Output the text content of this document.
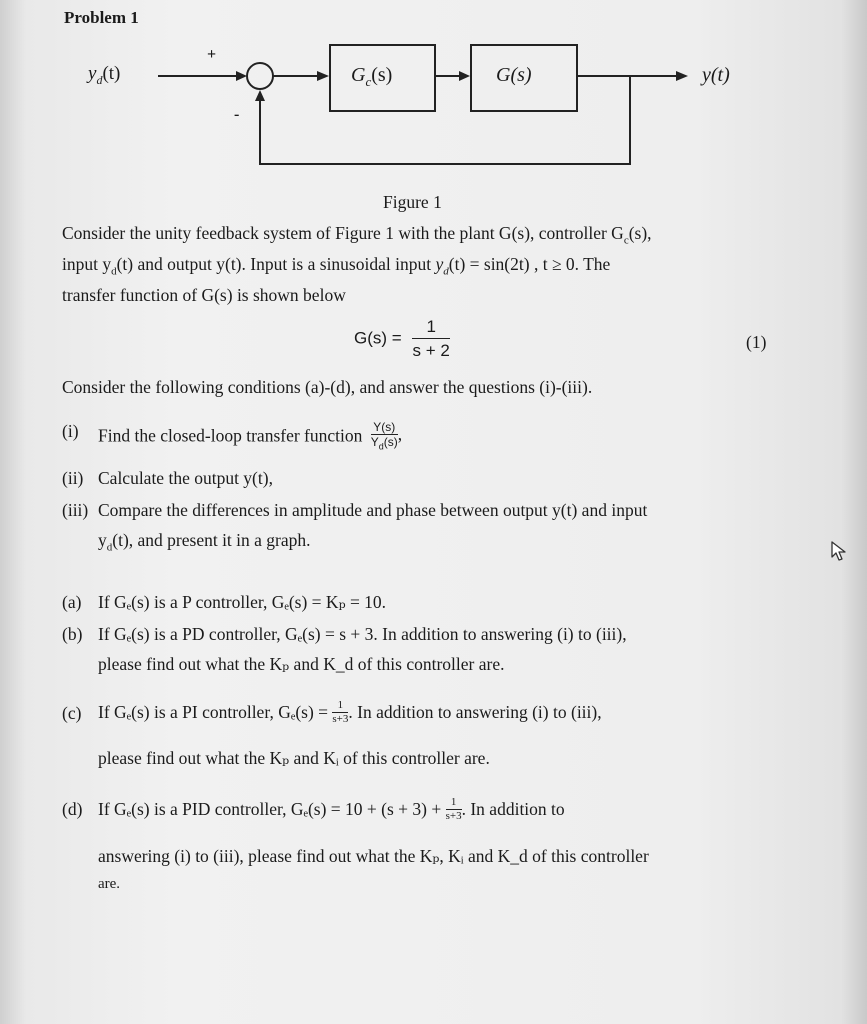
Problem 1
$y_d(t)$
+
-
$G_c(s)$	G(s)	y(t)
Figure 1
Consider the unity feedback system of Figure 1 with the plant G(s), controller $G_c(s)$,
input $y_d(t)$ and output y(t). Input is a sinusoidal input $y_d(t) = \sin(2t)$ , t ≥ 0. The
transfer function of G(s) is shown below
$G(s) = \frac{1}{s + 2}$	(1)
Consider the following conditions (a)-(d), and answer the questions (i)-(iii).
(i) Find the closed-loop transfer function $\frac{Y(s)}{Y_d(s)}$ ,
(ii) Calculate the output y(t),
(iii) Compare the differences in amplitude and phase between output y(t) and input
$y_d(t)$, and present it in a graph.
(a) If Gₑ(s) is a P controller, Gₑ(s) = Kₚ = 10.
(b) If Gₑ(s) is a PD controller, Gₑ(s) = s + 3. In addition to answering (i) to (iii),
please find out what the Kₚ and K_d of this controller are.
(c) If Gₑ(s) is a PI controller, $G_e(s) = \frac{1}{s+3}$ . In addition to answering (i) to (iii),
please find out what the Kₚ and Kᵢ of this controller are.
(d) If Gₑ(s) is a PID controller, $G_e(s) = 10 + (s + 3) + \frac{1}{s+3}$ . In addition to
answering (i) to (iii), please find out what the Kₚ, Kᵢ and K_d of this controller
are.
